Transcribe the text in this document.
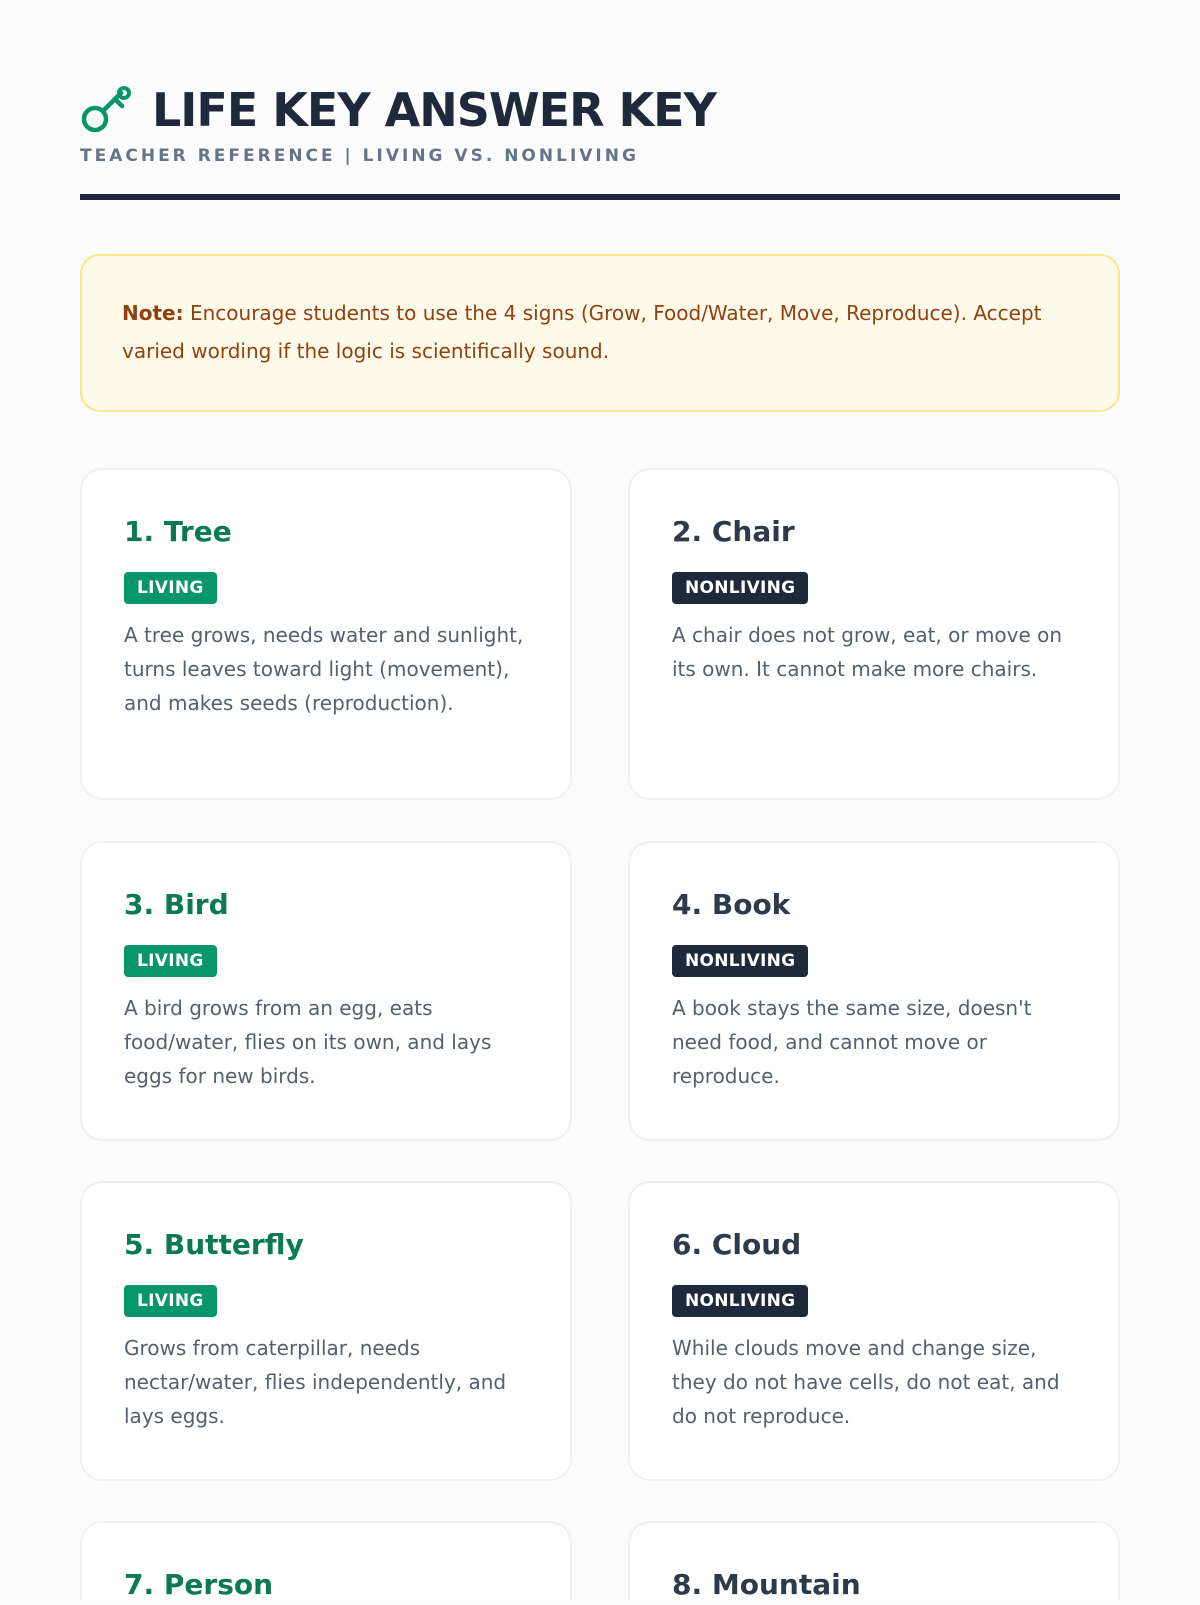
LIFE KEY ANSWER KEY
TEACHER REFERENCE | LIVING VS. NONLIVING
Note: Encourage students to use the 4 signs (Grow, Food/Water, Move, Reproduce). Accept varied wording if the logic is scientifically sound.
1. Tree
LIVING

A tree grows, needs water and sunlight, turns leaves toward light (movement), and makes seeds (reproduction).

2. Chair
NONLIVING

A chair does not grow, eat, or move on its own. It cannot make more chairs.

3. Bird
LIVING

A bird grows from an egg, eats food/water, flies on its own, and lays eggs for new birds.

4. Book
NONLIVING

A book stays the same size, doesn't need food, and cannot move or reproduce.

5. Butterfly
LIVING

Grows from caterpillar, needs nectar/water, flies independently, and lays eggs.

6. Cloud
NONLIVING

While clouds move and change size, they do not have cells, do not eat, and do not reproduce.

7. Person	8. Mountain
